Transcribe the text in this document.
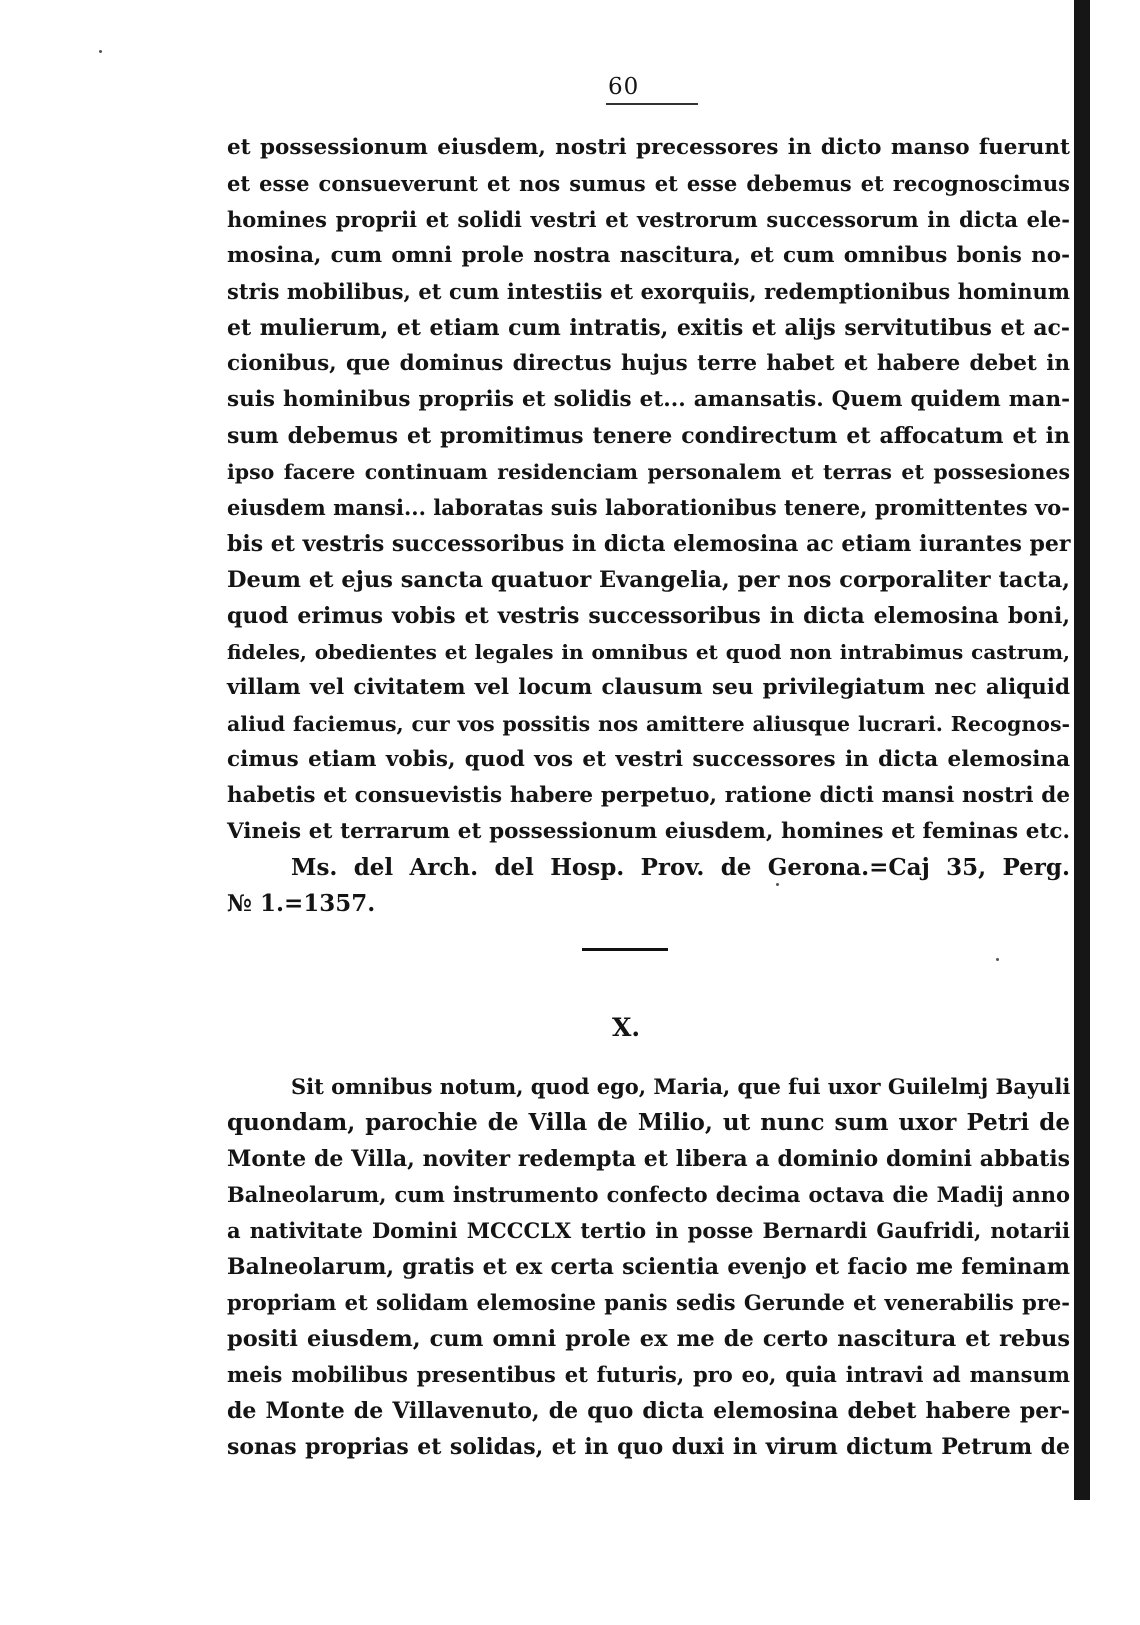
60
et possessionum eiusdem, nostri precessores in dicto manso fuerunt
et esse consueverunt et nos sumus et esse debemus et recognoscimus
homines proprii et solidi vestri et vestrorum successorum in dicta ele-
mosina, cum omni prole nostra nascitura, et cum omnibus bonis no-
stris mobilibus, et cum intestiis et exorquiis, redemptionibus hominum
et mulierum, et etiam cum intratis, exitis et alijs servitutibus et ac-
cionibus, que dominus directus hujus terre habet et habere debet in
suis hominibus propriis et solidis et... amansatis. Quem quidem man-
sum debemus et promitimus tenere condirectum et affocatum et in
ipso facere continuam residenciam personalem et terras et possesiones
eiusdem mansi... laboratas suis laborationibus tenere, promittentes vo-
bis et vestris successoribus in dicta elemosina ac etiam iurantes per
Deum et ejus sancta quatuor Evangelia, per nos corporaliter tacta,
quod erimus vobis et vestris successoribus in dicta elemosina boni,
fideles, obedientes et legales in omnibus et quod non intrabimus castrum,
villam vel civitatem vel locum clausum seu privilegiatum nec aliquid
aliud faciemus, cur vos possitis nos amittere aliusque lucrari. Recognos-
cimus etiam vobis, quod vos et vestri successores in dicta elemosina
habetis et consuevistis habere perpetuo, ratione dicti mansi nostri de
Vineis et terrarum et possessionum eiusdem, homines et feminas etc.
Ms. del Arch. del Hosp. Prov. de Gerona.=Caj 35, Perg.
№ 1.=1357.
X.
Sit omnibus notum, quod ego, Maria, que fui uxor Guilelmj Bayuli
quondam, parochie de Villa de Milio, ut nunc sum uxor Petri de
Monte de Villa, noviter redempta et libera a dominio domini abbatis
Balneolarum, cum instrumento confecto decima octava die Madij anno
a nativitate Domini MCCCLX tertio in posse Bernardi Gaufridi, notarii
Balneolarum, gratis et ex certa scientia evenjo et facio me feminam
propriam et solidam elemosine panis sedis Gerunde et venerabilis pre-
positi eiusdem, cum omni prole ex me de certo nascitura et rebus
meis mobilibus presentibus et futuris, pro eo, quia intravi ad mansum
de Monte de Villavenuto, de quo dicta elemosina debet habere per-
sonas proprias et solidas, et in quo duxi in virum dictum Petrum de
